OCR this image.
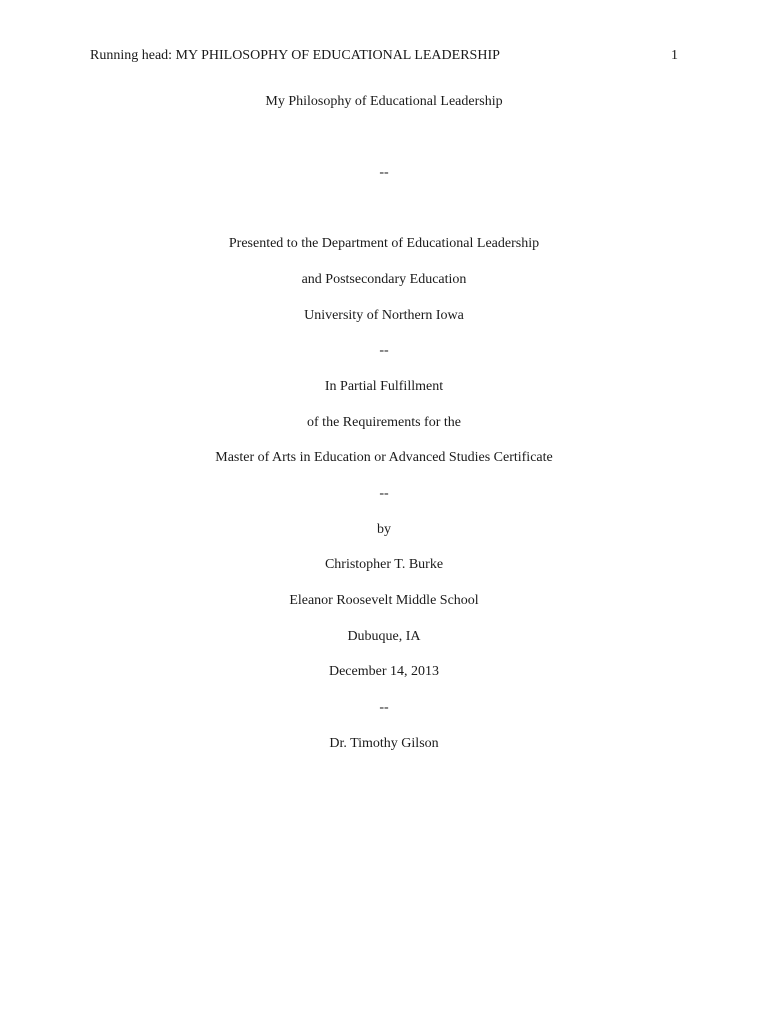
Running head: MY PHILOSOPHY OF EDUCATIONAL LEADERSHIP	1
My Philosophy of Educational Leadership
--
Presented to the Department of Educational Leadership
and Postsecondary Education
University of Northern Iowa
--
In Partial Fulfillment
of the Requirements for the
Master of Arts in Education or Advanced Studies Certificate
--
by
Christopher T. Burke
Eleanor Roosevelt Middle School
Dubuque, IA
December 14, 2013
--
Dr. Timothy Gilson
